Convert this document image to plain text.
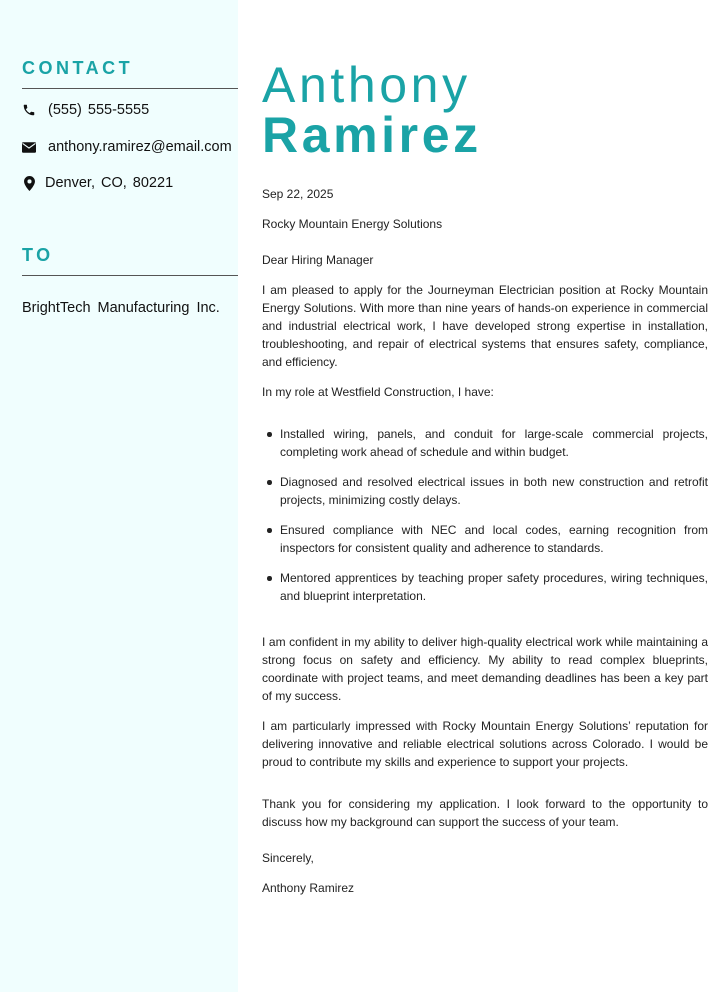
CONTACT
(555) 555-5555
anthony.ramirez@email.com
Denver, CO, 80221
TO
BrightTech Manufacturing Inc.
Anthony
Ramirez
Sep 22, 2025
Rocky Mountain Energy Solutions
Dear Hiring Manager

I am pleased to apply for the Journeyman Electrician position at Rocky Mountain Energy Solutions. With more than nine years of hands-on experience in commercial and industrial electrical work, I have developed strong expertise in installation, troubleshooting, and repair of electrical systems that ensures safety, compliance, and efficiency.

In my role at Westfield Construction, I have:
Installed wiring, panels, and conduit for large-scale commercial projects, completing work ahead of schedule and within budget.
Diagnosed and resolved electrical issues in both new construction and retrofit projects, minimizing costly delays.
Ensured compliance with NEC and local codes, earning recognition from inspectors for consistent quality and adherence to standards.
Mentored apprentices by teaching proper safety procedures, wiring techniques, and blueprint interpretation.

I am confident in my ability to deliver high-quality electrical work while maintaining a strong focus on safety and efficiency. My ability to read complex blueprints, coordinate with project teams, and meet demanding deadlines has been a key part of my success.

I am particularly impressed with Rocky Mountain Energy Solutions’ reputation for delivering innovative and reliable electrical solutions across Colorado. I would be proud to contribute my skills and experience to support your projects.

Thank you for considering my application. I look forward to the opportunity to discuss how my background can support the success of your team.

Sincerely,
Anthony Ramirez
